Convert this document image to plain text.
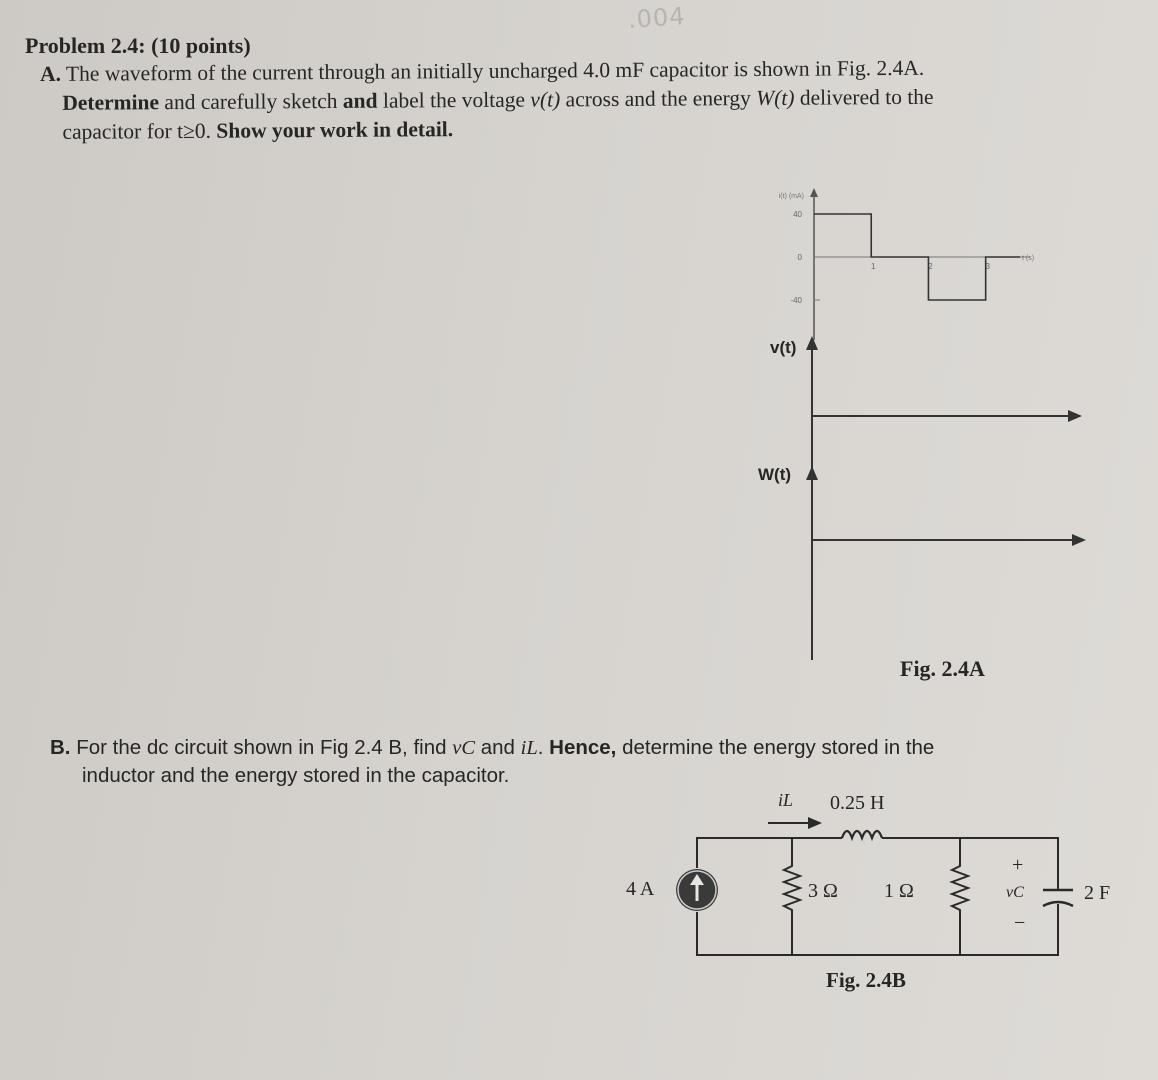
.004
Problem 2.4: (10 points)
A. The waveform of the current through an initially uncharged 4.0 mF capacitor is shown in Fig. 2.4A.
Determine and carefully sketch and label the voltage v(t) across and the energy W(t) delivered to the
capacitor for t≥0. Show your work in detail.
40
0
-40
1	2	3
i(t) (mA)
t (s)
v(t)
W(t)
Fig. 2.4A
B. For the dc circuit shown in Fig 2.4 B, find vC and iL. Hence, determine the energy stored in the
inductor and the energy stored in the capacitor.
4 A	3 Ω 1 Ω
0.25 H
iL
+
vC
−
2 F
Fig. 2.4B
